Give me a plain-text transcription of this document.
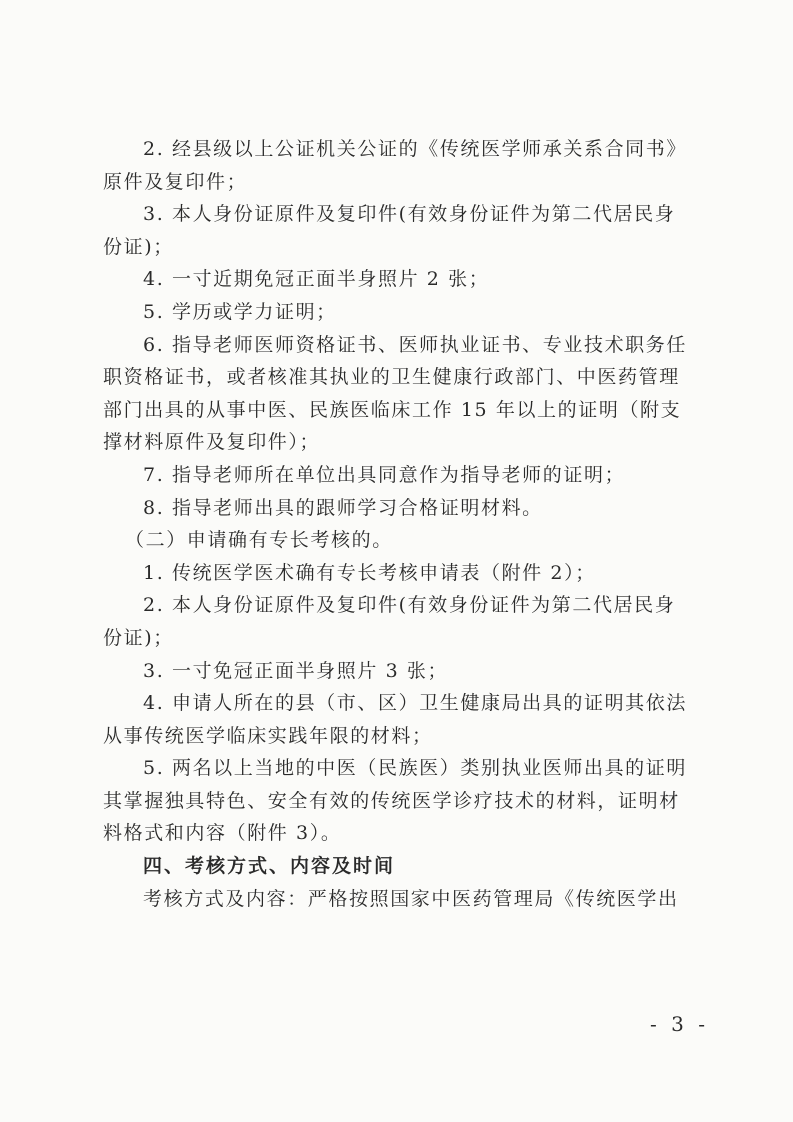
2. 经县级以上公证机关公证的《传统医学师承关系合同书》
原件及复印件；
3. 本人身份证原件及复印件(有效身份证件为第二代居民身
份证)；
4. 一寸近期免冠正面半身照片 2 张；
5. 学历或学力证明；
6. 指导老师医师资格证书、医师执业证书、专业技术职务任
职资格证书，或者核准其执业的卫生健康行政部门、中医药管理
部门出具的从事中医、民族医临床工作 15 年以上的证明（附支
撑材料原件及复印件）；
7. 指导老师所在单位出具同意作为指导老师的证明；
8. 指导老师出具的跟师学习合格证明材料。
（二）申请确有专长考核的。
1. 传统医学医术确有专长考核申请表（附件 2）；
2. 本人身份证原件及复印件(有效身份证件为第二代居民身
份证)；
3. 一寸免冠正面半身照片 3 张；
4. 申请人所在的县（市、区）卫生健康局出具的证明其依法
从事传统医学临床实践年限的材料；
5. 两名以上当地的中医（民族医）类别执业医师出具的证明
其掌握独具特色、安全有效的传统医学诊疗技术的材料，证明材
料格式和内容（附件 3）。
四、考核方式、内容及时间
考核方式及内容：严格按照国家中医药管理局《传统医学出
- 3 -
